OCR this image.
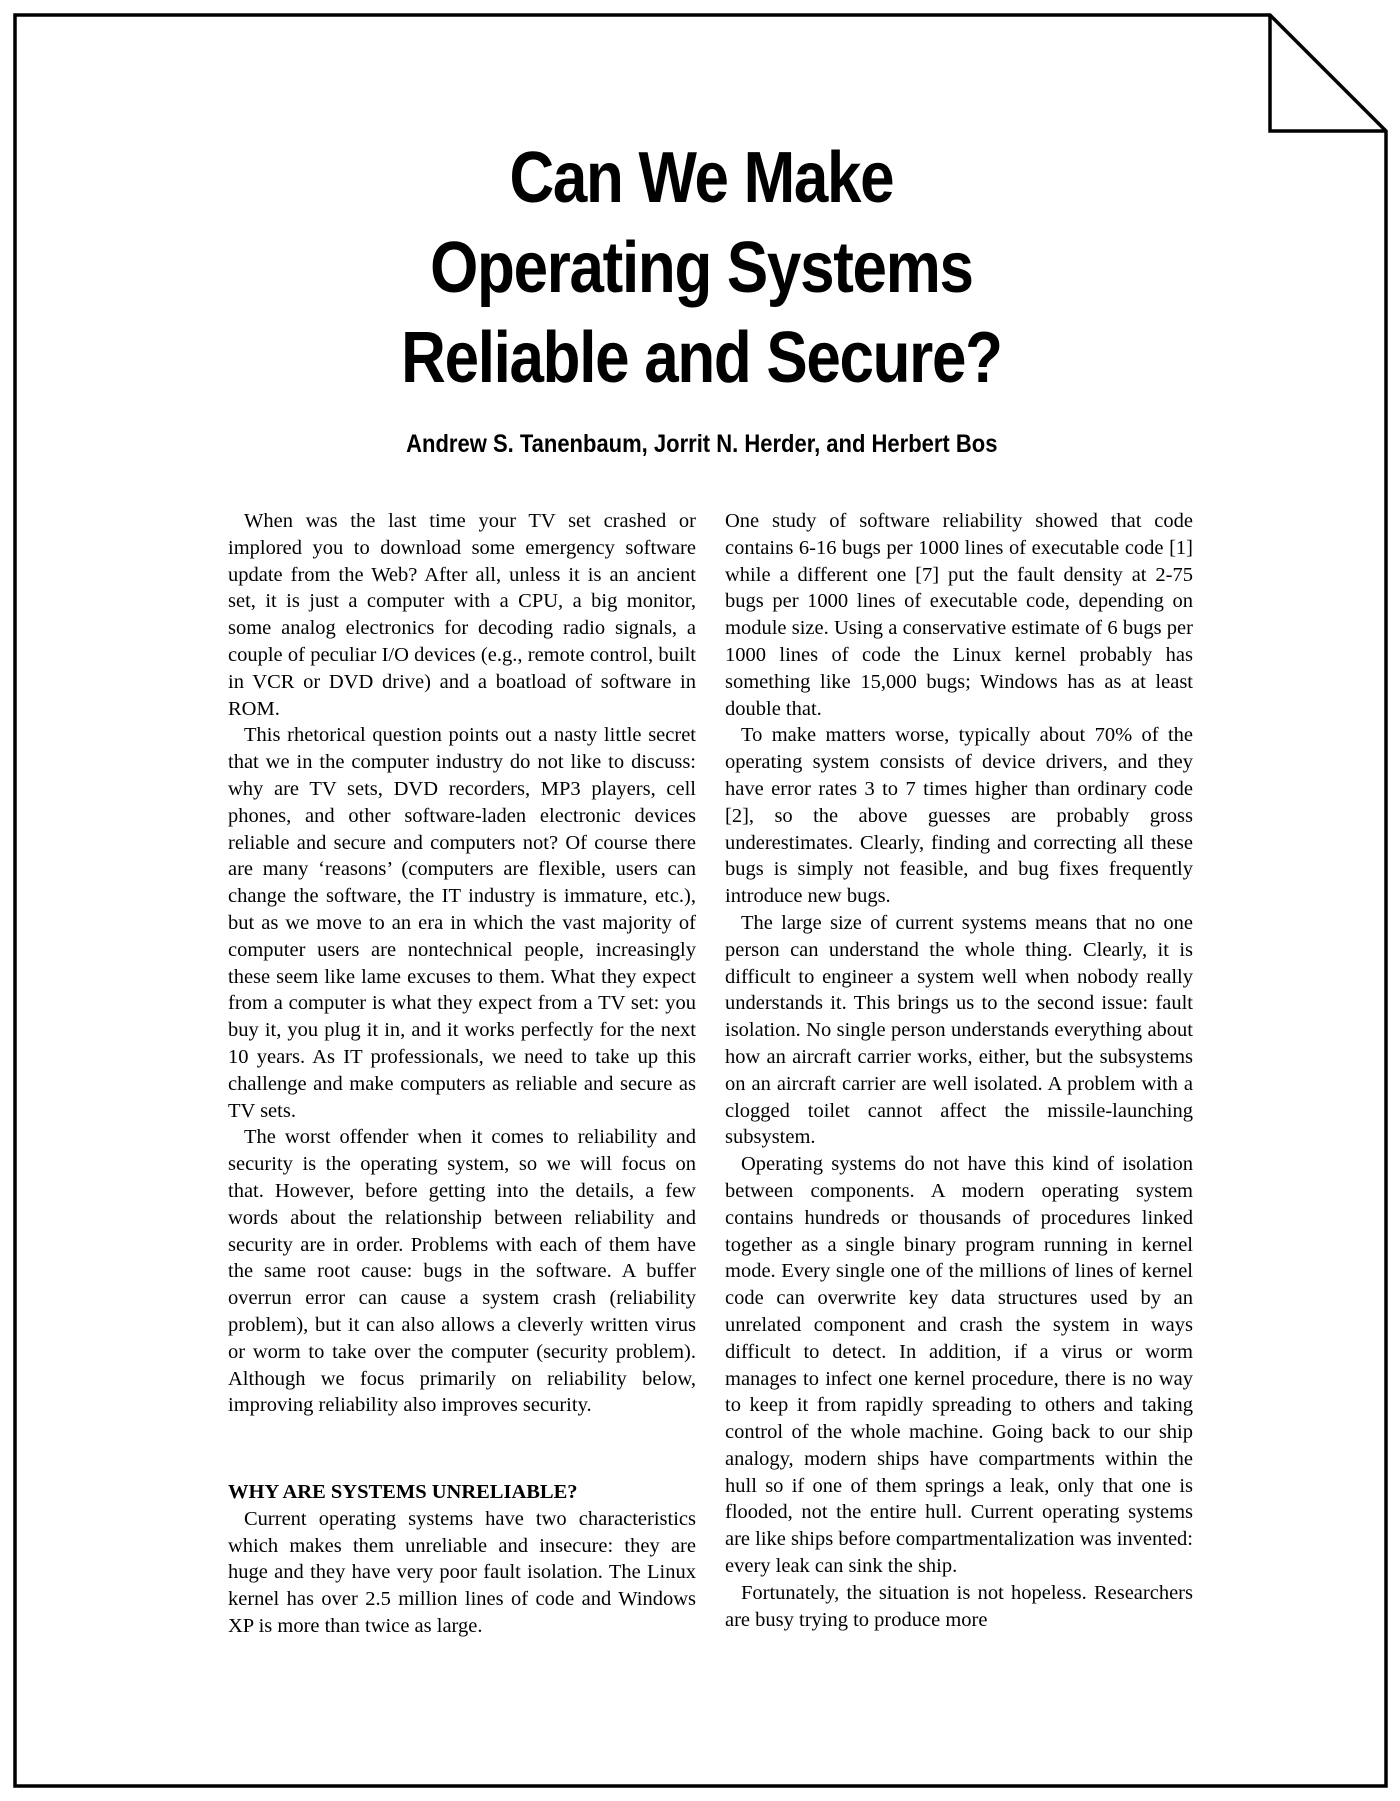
Can We Make
Operating Systems
Reliable and Secure?

Andrew S. Tanenbaum, Jorrit N. Herder, and Herbert Bos

When was the last time your TV set crashed or implored you to download some emergency software update from the Web? After all, unless it is an ancient set, it is just a computer with a CPU, a big monitor, some analog electronics for decoding radio signals, a couple of peculiar I/O devices (e.g., remote control, built in VCR or DVD drive) and a boatload of software in ROM.

This rhetorical question points out a nasty little secret that we in the computer industry do not like to discuss: why are TV sets, DVD recorders, MP3 players, cell phones, and other software-laden electronic devices reliable and secure and computers not? Of course there are many ‘reasons’ (computers are flexible, users can change the software, the IT industry is immature, etc.), but as we move to an era in which the vast majority of computer users are nontechnical people, increasingly these seem like lame excuses to them. What they expect from a computer is what they expect from a TV set: you buy it, you plug it in, and it works perfectly for the next 10 years. As IT professionals, we need to take up this challenge and make computers as reliable and secure as TV sets.

The worst offender when it comes to reliability and security is the operating system, so we will focus on that. However, before getting into the details, a few words about the relationship between reliability and security are in order. Problems with each of them have the same root cause: bugs in the software. A buffer overrun error can cause a system crash (reliability problem), but it can also allows a cleverly written virus or worm to take over the computer (security problem). Although we focus primarily on reliability below, improving reliability also improves security.

WHY ARE SYSTEMS UNRELIABLE?

Current operating systems have two characteristics which makes them unreliable and insecure: they are huge and they have very poor fault isolation. The Linux kernel has over 2.5 million lines of code and Windows XP is more than twice as large.

One study of software reliability showed that code contains 6-16 bugs per 1000 lines of executable code [1] while a different one [7] put the fault density at 2-75 bugs per 1000 lines of executable code, depending on module size. Using a conservative estimate of 6 bugs per 1000 lines of code the Linux kernel probably has something like 15,000 bugs; Windows has as at least double that.

To make matters worse, typically about 70% of the operating system consists of device drivers, and they have error rates 3 to 7 times higher than ordinary code [2], so the above guesses are probably gross underestimates. Clearly, finding and correcting all these bugs is simply not feasible, and bug fixes frequently introduce new bugs.

The large size of current systems means that no one person can understand the whole thing. Clearly, it is difficult to engineer a system well when nobody really understands it. This brings us to the second issue: fault isolation. No single person understands everything about how an aircraft carrier works, either, but the subsystems on an aircraft carrier are well isolated. A problem with a clogged toilet cannot affect the missile-launching subsystem.

Operating systems do not have this kind of isolation between components. A modern operating system contains hundreds or thousands of procedures linked together as a single binary program running in kernel mode. Every single one of the millions of lines of kernel code can overwrite key data structures used by an unrelated component and crash the system in ways difficult to detect. In addition, if a virus or worm manages to infect one kernel procedure, there is no way to keep it from rapidly spreading to others and taking control of the whole machine. Going back to our ship analogy, modern ships have compartments within the hull so if one of them springs a leak, only that one is flooded, not the entire hull. Current operating systems are like ships before compartmentalization was invented: every leak can sink the ship.

Fortunately, the situation is not hopeless. Researchers are busy trying to produce more
